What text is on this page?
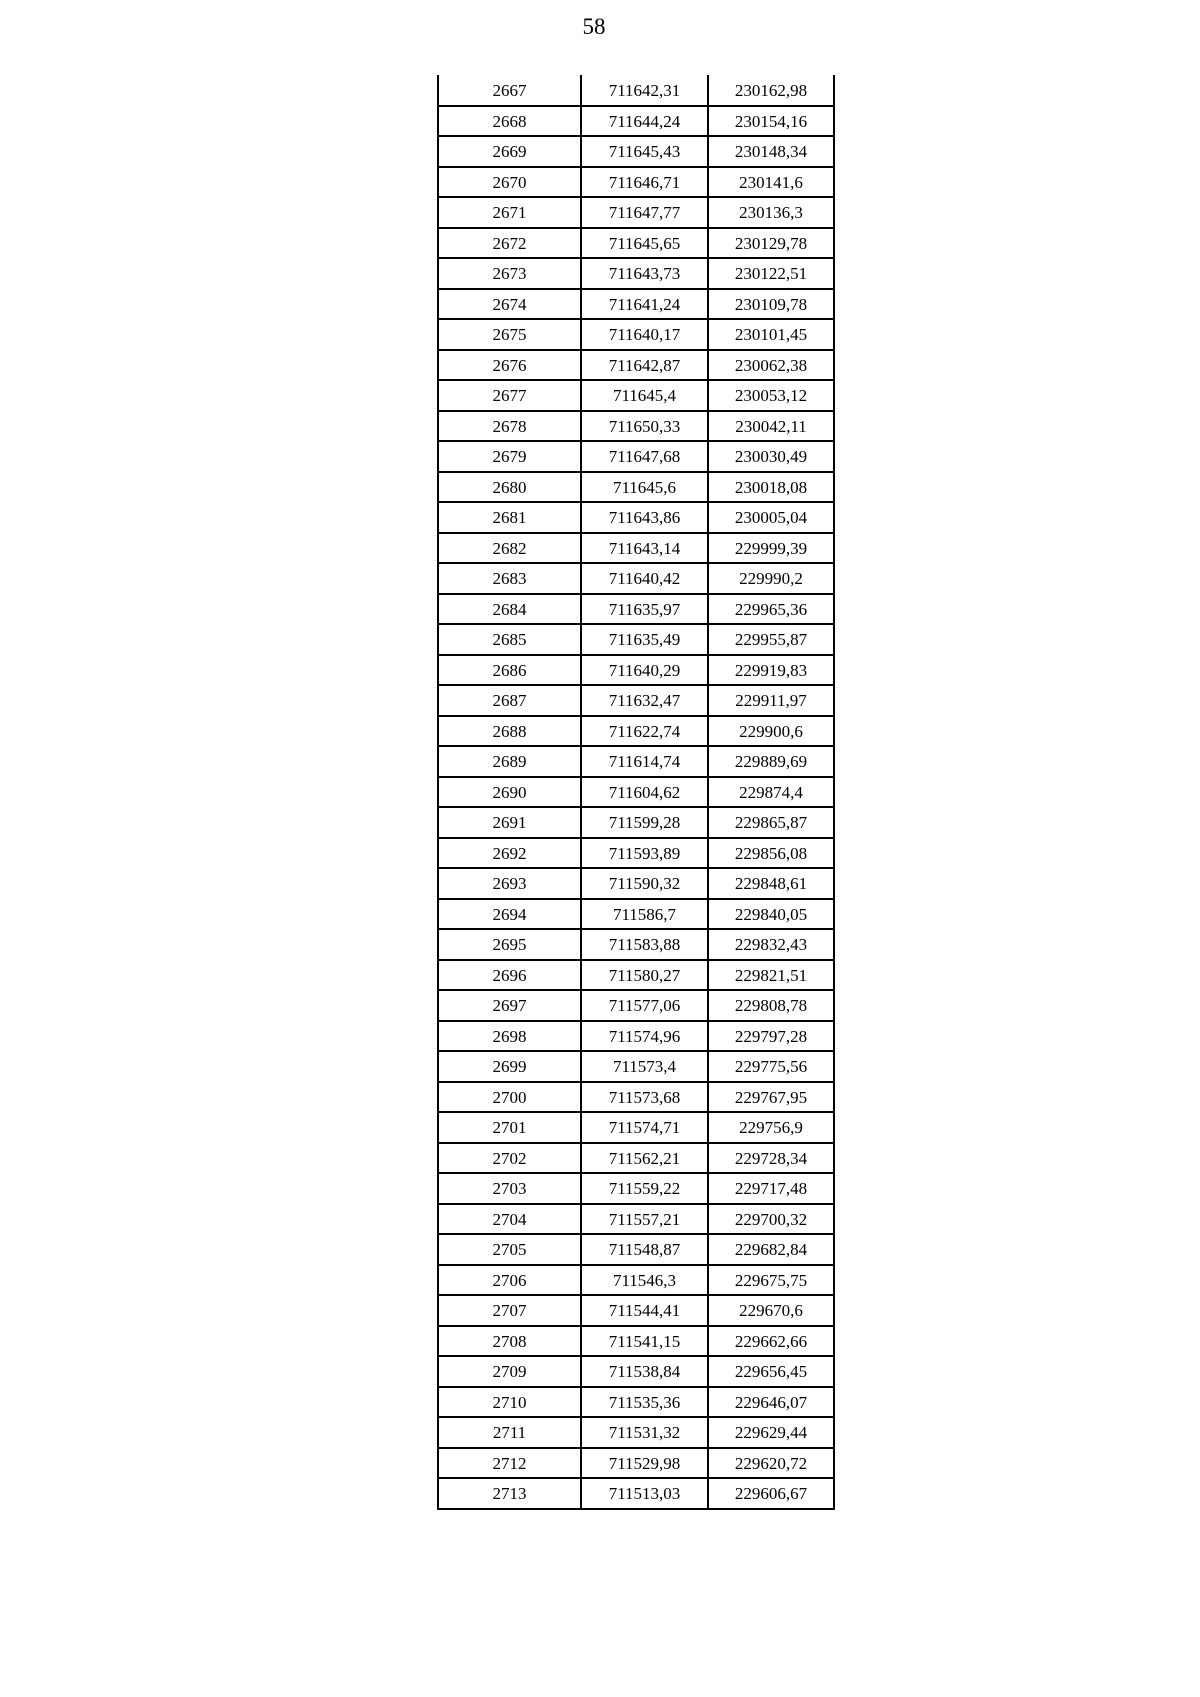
58
2667	711642,31	230162,98
2668	711644,24	230154,16
2669	711645,43	230148,34
2670	711646,71	230141,6
2671	711647,77	230136,3
2672	711645,65	230129,78
2673	711643,73	230122,51
2674	711641,24	230109,78
2675	711640,17	230101,45
2676	711642,87	230062,38
2677	711645,4	230053,12
2678	711650,33	230042,11
2679	711647,68	230030,49
2680	711645,6	230018,08
2681	711643,86	230005,04
2682	711643,14	229999,39
2683	711640,42	229990,2
2684	711635,97	229965,36
2685	711635,49	229955,87
2686	711640,29	229919,83
2687	711632,47	229911,97
2688	711622,74	229900,6
2689	711614,74	229889,69
2690	711604,62	229874,4
2691	711599,28	229865,87
2692	711593,89	229856,08
2693	711590,32	229848,61
2694	711586,7	229840,05
2695	711583,88	229832,43
2696	711580,27	229821,51
2697	711577,06	229808,78
2698	711574,96	229797,28
2699	711573,4	229775,56
2700	711573,68	229767,95
2701	711574,71	229756,9
2702	711562,21	229728,34
2703	711559,22	229717,48
2704	711557,21	229700,32
2705	711548,87	229682,84
2706	711546,3	229675,75
2707	711544,41	229670,6
2708	711541,15	229662,66
2709	711538,84	229656,45
2710	711535,36	229646,07
2711	711531,32	229629,44
2712	711529,98	229620,72
2713	711513,03	229606,67
